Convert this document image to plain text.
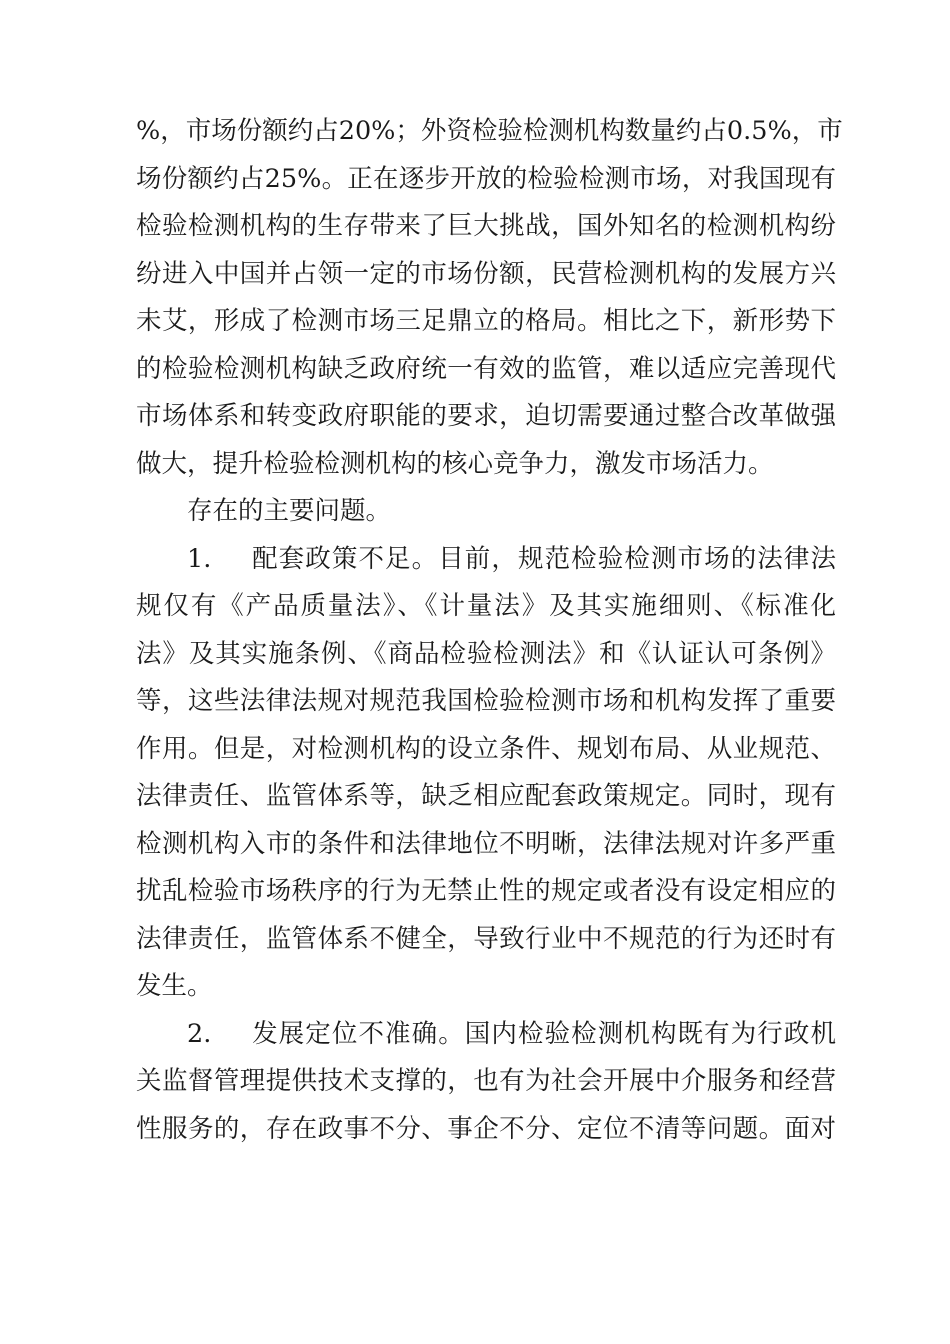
%，市场份额约占20%；外资检验检测机构数量约占0.5%，市
场份额约占25%。正在逐步开放的检验检测市场，对我国现有
检验检测机构的生存带来了巨大挑战，国外知名的检测机构纷
纷进入中国并占领一定的市场份额，民营检测机构的发展方兴
未艾，形成了检测市场三足鼎立的格局。相比之下，新形势下
的检验检测机构缺乏政府统一有效的监管，难以适应完善现代
市场体系和转变政府职能的要求，迫切需要通过整合改革做强
做大，提升检验检测机构的核心竞争力，激发市场活力。
存在的主要问题。
1. 配套政策不足。目前，规范检验检测市场的法律法
规仅有《产品质量法》、《计量法》及其实施细则、《标准化
法》及其实施条例、《商品检验检测法》和《认证认可条例》
等，这些法律法规对规范我国检验检测市场和机构发挥了重要
作用。但是，对检测机构的设立条件、规划布局、从业规范、
法律责任、监管体系等，缺乏相应配套政策规定。同时，现有
检测机构入市的条件和法律地位不明晰，法律法规对许多严重
扰乱检验市场秩序的行为无禁止性的规定或者没有设定相应的
法律责任，监管体系不健全，导致行业中不规范的行为还时有
发生。
2. 发展定位不准确。国内检验检测机构既有为行政机
关监督管理提供技术支撑的，也有为社会开展中介服务和经营
性服务的，存在政事不分、事企不分、定位不清等问题。面对
